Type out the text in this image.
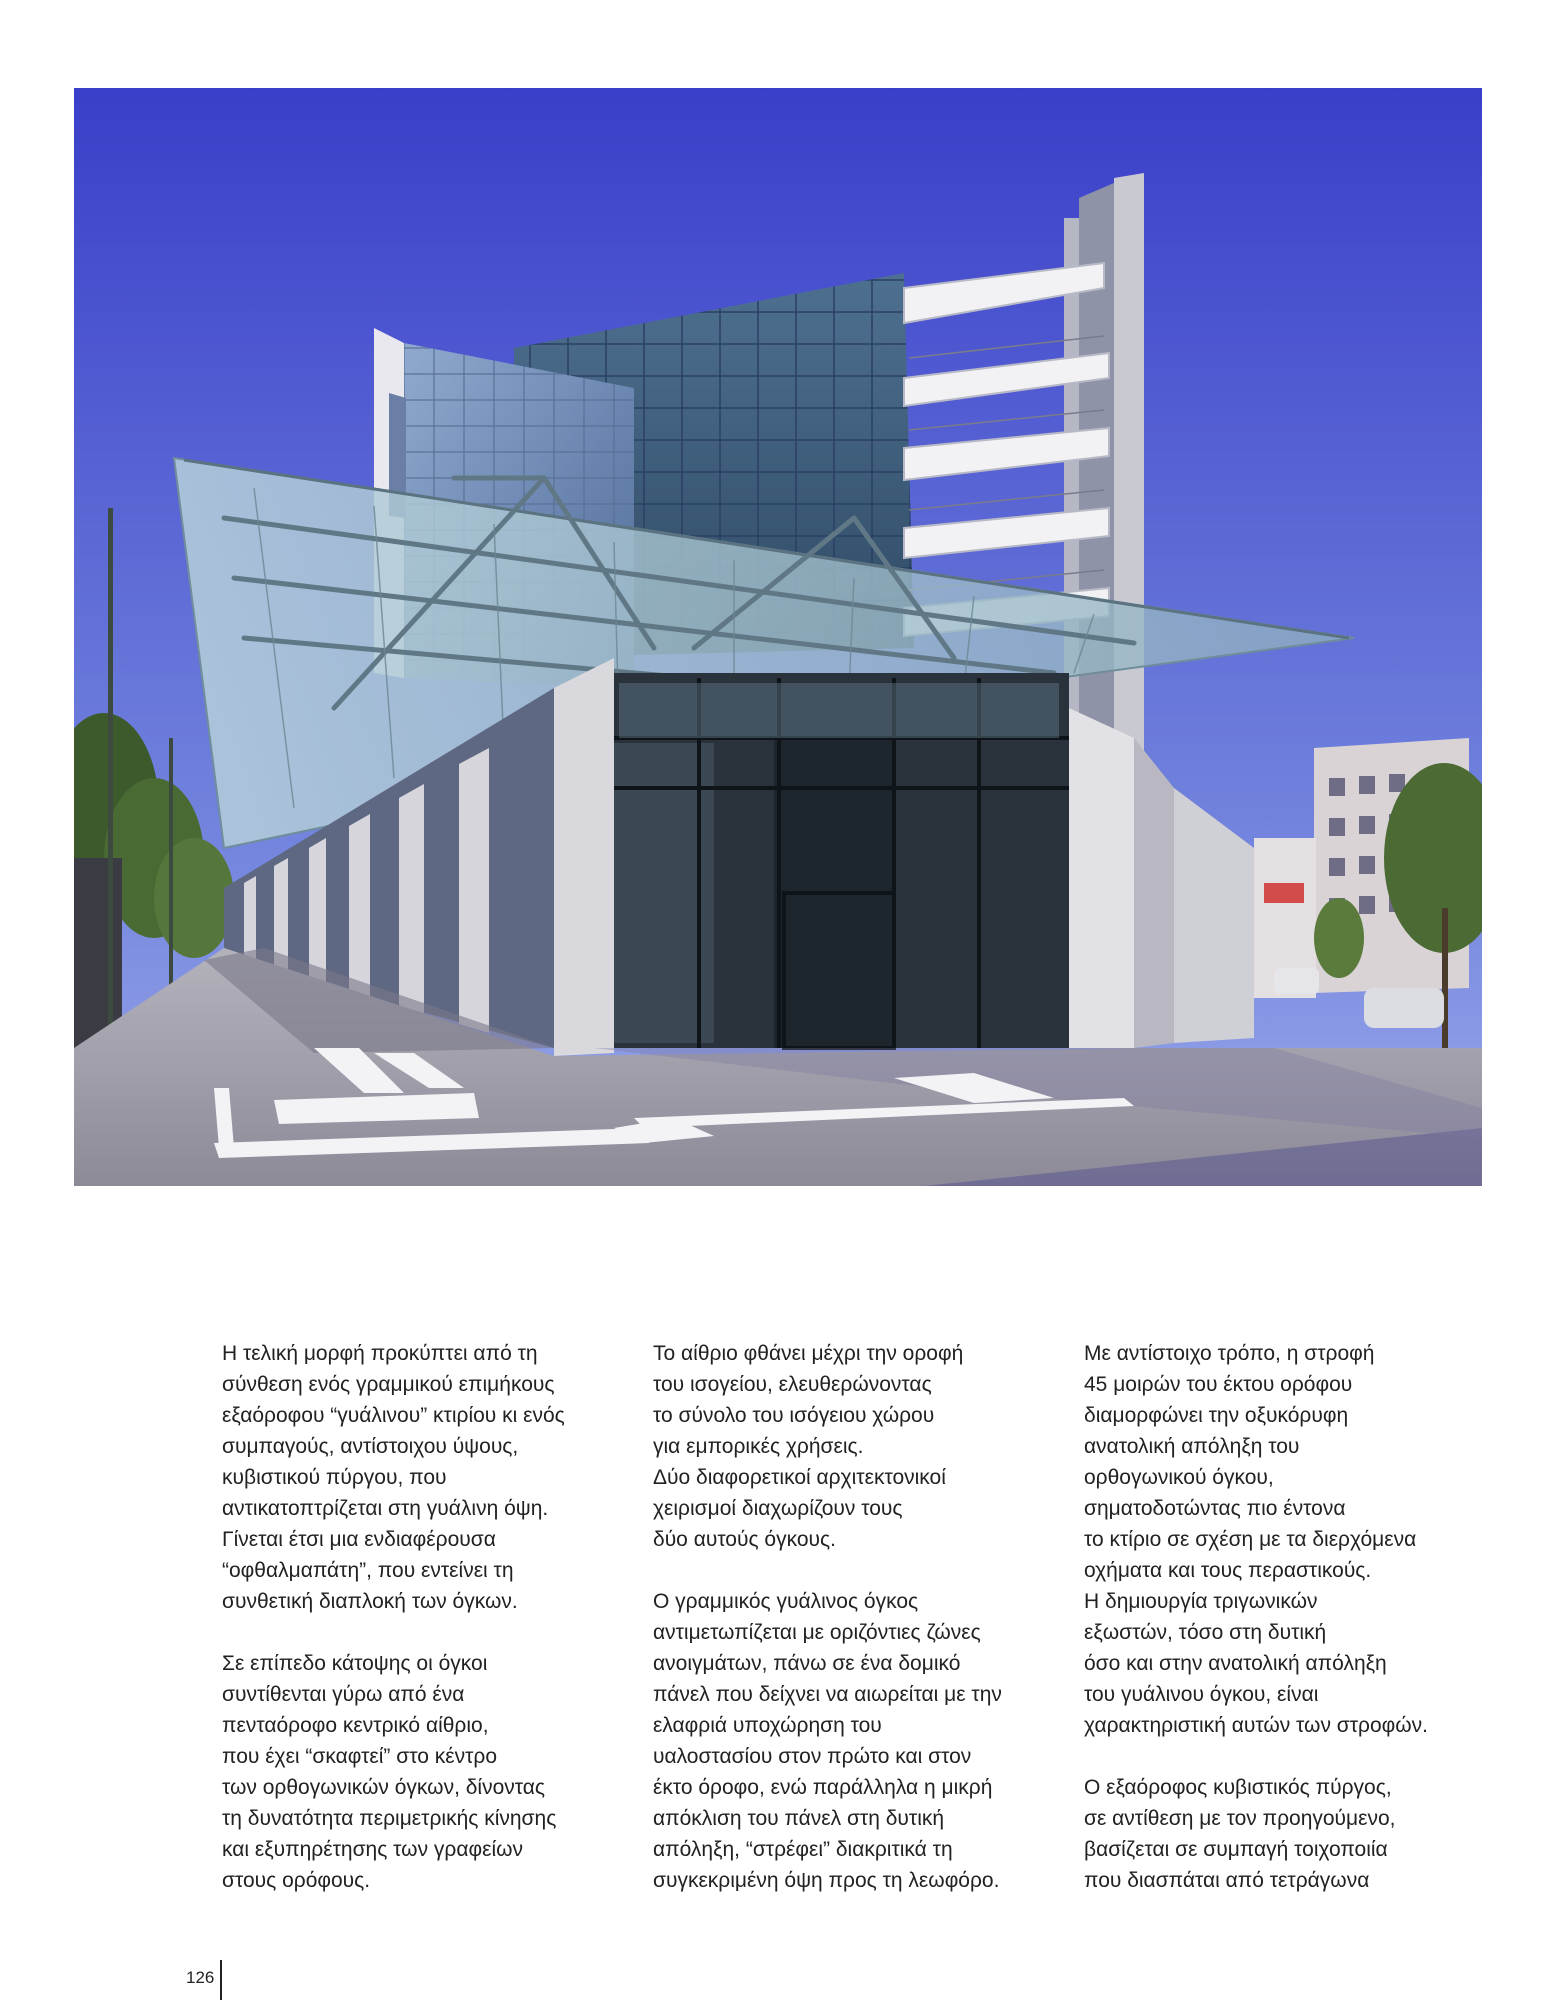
Η τελική μορφή προκύπτει από τη
σύνθεση ενός γραμμικού επιμήκους
εξαόροφου “γυάλινου” κτιρίου κι ενός
συμπαγούς, αντίστοιχου ύψους,
κυβιστικού πύργου, που
αντικατοπτρίζεται στη γυάλινη όψη.
Γίνεται έτσι μια ενδιαφέρουσα
“οφθαλμαπάτη”, που εντείνει τη
συνθετική διαπλοκή των όγκων.

Σε επίπεδο κάτοψης οι όγκοι
συντίθενται γύρω από ένα
πενταόροφο κεντρικό αίθριο,
που έχει “σκαφτεί” στο κέντρο
των ορθογωνικών όγκων, δίνοντας
τη δυνατότητα περιμετρικής κίνησης
και εξυπηρέτησης των γραφείων
στους ορόφους.

Το αίθριο φθάνει μέχρι την οροφή
του ισογείου, ελευθερώνοντας
το σύνολο του ισόγειου χώρου
για εμπορικές χρήσεις.
Δύο διαφορετικοί αρχιτεκτονικοί
χειρισμοί διαχωρίζουν τους
δύο αυτούς όγκους.

Ο γραμμικός γυάλινος όγκος
αντιμετωπίζεται με οριζόντιες ζώνες
ανοιγμάτων, πάνω σε ένα δομικό
πάνελ που δείχνει να αιωρείται με την
ελαφριά υποχώρηση του
υαλοστασίου στον πρώτο και στον
έκτο όροφο, ενώ παράλληλα η μικρή
απόκλιση του πάνελ στη δυτική
απόληξη, “στρέφει” διακριτικά τη
συγκεκριμένη όψη προς τη λεωφόρο.

Με αντίστοιχο τρόπο, η στροφή
45 μοιρών του έκτου ορόφου
διαμορφώνει την οξυκόρυφη
ανατολική απόληξη του
ορθογωνικού όγκου,
σηματοδοτώντας πιο έντονα
το κτίριο σε σχέση με τα διερχόμενα
οχήματα και τους περαστικούς.
Η δημιουργία τριγωνικών
εξωστών, τόσο στη δυτική
όσο και στην ανατολική απόληξη
του γυάλινου όγκου, είναι
χαρακτηριστική αυτών των στροφών.

Ο εξαόροφος κυβιστικός πύργος,
σε αντίθεση με τον προηγούμενο,
βασίζεται σε συμπαγή τοιχοποιία
που διασπάται από τετράγωνα

126
